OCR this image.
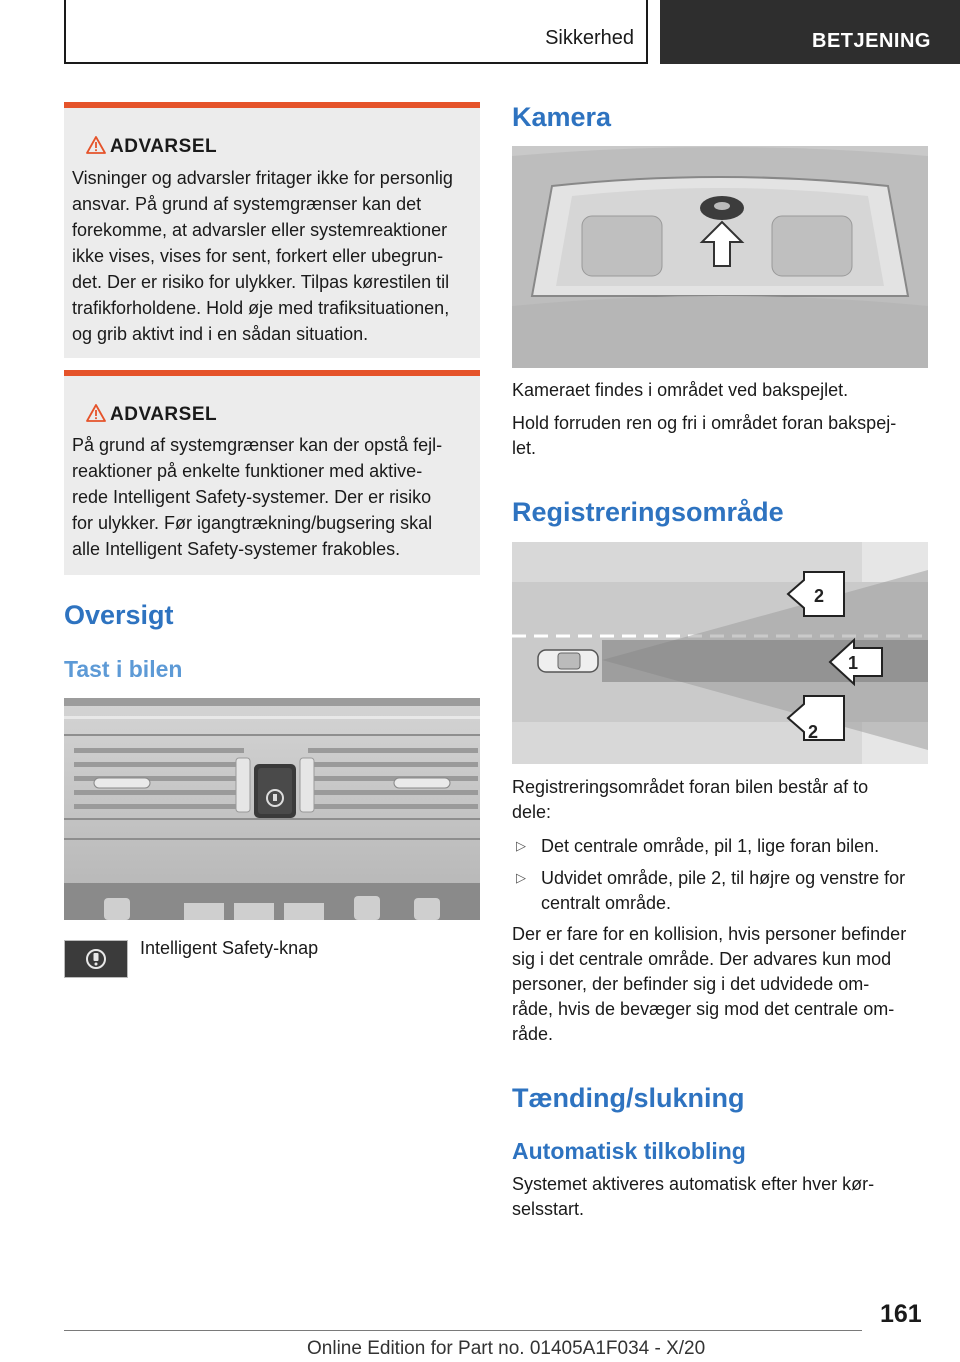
Sikkerhed	BETJENING
ADVARSEL
Visninger og advarsler fritager ikke for personlig
ansvar. På grund af systemgrænser kan det
forekomme, at advarsler eller systemreaktioner
ikke vises, vises for sent, forkert eller ubegrun-
det. Der er risiko for ulykker. Tilpas kørestilen til
trafikforholdene. Hold øje med trafiksituationen,
og grib aktivt ind i en sådan situation.
ADVARSEL
På grund af systemgrænser kan der opstå fejl-
reaktioner på enkelte funktioner med aktive-
rede Intelligent Safety-systemer. Der er risiko
for ulykker. Før igangtrækning/bugsering skal
alle Intelligent Safety-systemer frakobles.
Oversigt
Tast i bilen
Intelligent Safety-knap
Kamera
Kameraet findes i området ved bakspejlet.
Hold forruden ren og fri i området foran bakspej-
let.
Registreringsområde
2
1
2
Registreringsområdet foran bilen består af to
dele:
▷ Det centrale område, pil 1, lige foran bilen.
▷ Udvidet område, pile 2, til højre og venstre for
centralt område.
Der er fare for en kollision, hvis personer befinder
sig i det centrale område. Der advares kun mod
personer, der befinder sig i det udvidede om-
råde, hvis de bevæger sig mod det centrale om-
råde.
Tænding/slukning
Automatisk tilkobling
Systemet aktiveres automatisk efter hver kør-
selsstart.
161
Online Edition for Part no. 01405A1F034 - X/20
